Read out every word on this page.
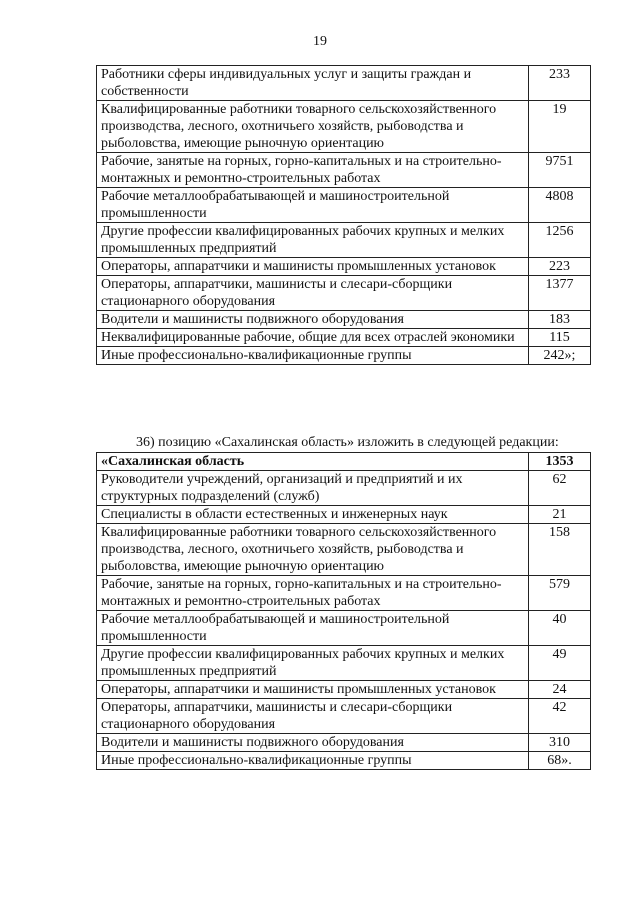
19
Работники сферы индивидуальных услуг и защиты граждан и собственности	233
Квалифицированные работники товарного сельскохозяйственного производства, лесного, охотничьего хозяйств, рыбоводства и рыболовства, имеющие рыночную ориентацию	19
Рабочие, занятые на горных, горно-капитальных и на строительно-монтажных и ремонтно-строительных работах	9751
Рабочие металлообрабатывающей и машиностроительной промышленности	4808
Другие профессии квалифицированных рабочих крупных и мелких промышленных предприятий	1256
Операторы, аппаратчики и машинисты промышленных установок	223
Операторы, аппаратчики, машинисты и слесари-сборщики стационарного оборудования	1377
Водители и машинисты подвижного оборудования	183
Неквалифицированные рабочие, общие для всех отраслей экономики	115
Иные профессионально-квалификационные группы	242»;
36) позицию «Сахалинская область» изложить в следующей редакции:
«Сахалинская область	1353
Руководители учреждений, организаций и предприятий и их структурных подразделений (служб)	62
Специалисты в области естественных и инженерных наук	21
Квалифицированные работники товарного сельскохозяйственного производства, лесного, охотничьего хозяйств, рыбоводства и рыболовства, имеющие рыночную ориентацию	158
Рабочие, занятые на горных, горно-капитальных и на строительно-монтажных и ремонтно-строительных работах	579
Рабочие металлообрабатывающей и машиностроительной промышленности	40
Другие профессии квалифицированных рабочих крупных и мелких промышленных предприятий	49
Операторы, аппаратчики и машинисты промышленных установок	24
Операторы, аппаратчики, машинисты и слесари-сборщики стационарного оборудования	42
Водители и машинисты подвижного оборудования	310
Иные профессионально-квалификационные группы	68».
